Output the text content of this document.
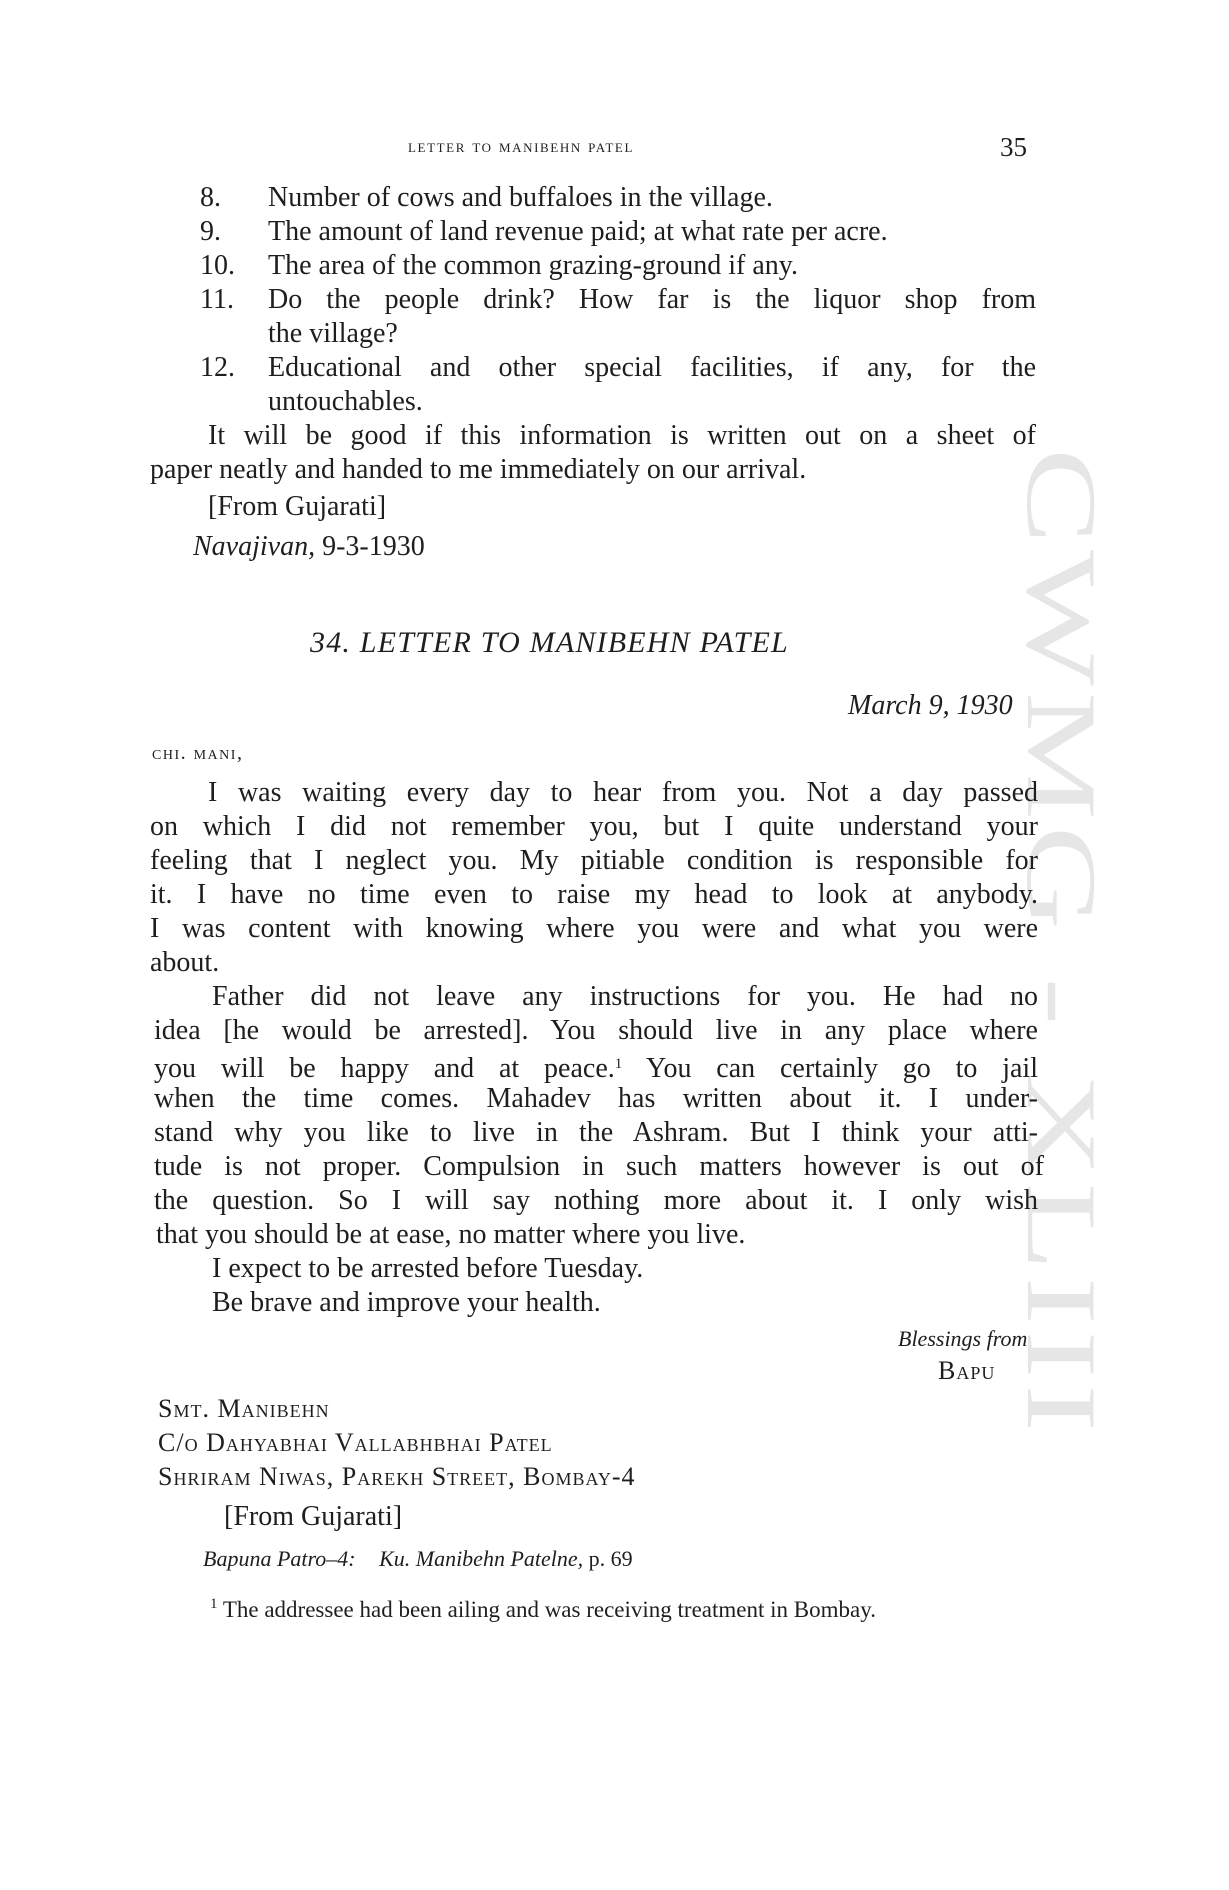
CWMG - XLIII
letter to manibehn patel	35
8. Number of cows and buffaloes in the village.
9. The amount of land revenue paid; at what rate per acre.
10. The area of the common grazing-ground if any.
11. Do the people drink? How far is the liquor shop from
the village?
12. Educational and other special facilities, if any, for the
untouchables.
It will be good if this information is written out on a sheet of
paper neatly and handed to me immediately on our arrival.
[From Gujarati]
Navajivan, 9-3-1930
34. LETTER TO MANIBEHN PATEL
March 9, 1930
chi. mani,
I was waiting every day to hear from you. Not a day passed
on which I did not remember you, but I quite understand your
feeling that I neglect you. My pitiable condition is responsible for
it. I have no time even to raise my head to look at anybody.
I was content with knowing where you were and what you were
about.
Father did not leave any instructions for you. He had no
idea [he would be arrested]. You should live in any place where
you will be happy and at peace.$^1$ You can certainly go to jail
when the time comes. Mahadev has written about it. I under-
stand why you like to live in the Ashram. But I think your atti-
tude is not proper. Compulsion in such matters however is out of
the question. So I will say nothing more about it. I only wish
that you should be at ease, no matter where you live.
I expect to be arrested before Tuesday.
Be brave and improve your health.
Blessings from
Bapu
Smt. Manibehn
C/o Dahyabhai Vallabhbhai Patel
Shriram Niwas, Parekh Street, Bombay-4
[From Gujarati]
Bapuna Patro–4: Ku. Manibehn Patelne, p. 69
$^1$ The addressee had been ailing and was receiving treatment in Bombay.
